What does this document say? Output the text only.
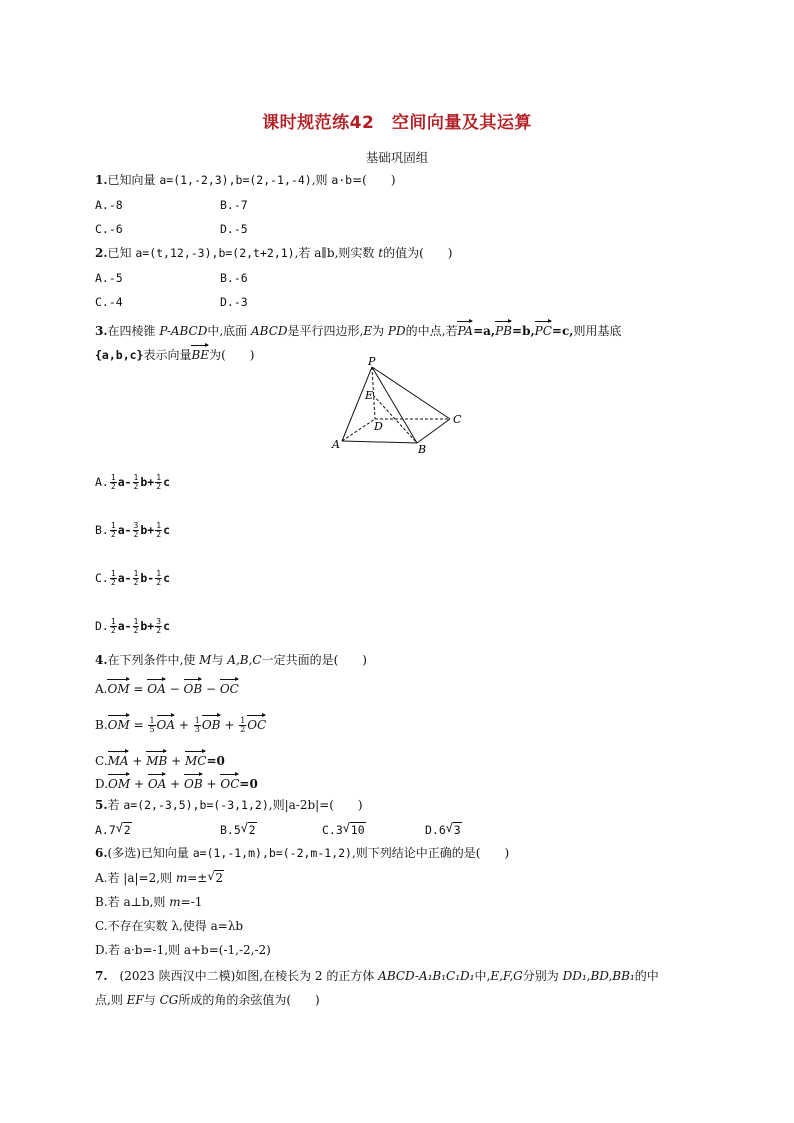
课时规范练42　空间向量及其运算
基础巩固组
1.已知向量 a=(1,-2,3),b=(2,-1,-4),则 a·b=(　　)
A.-8	B.-7
C.-6	D.-5
2.已知 a=(t,12,-3),b=(2,t+2,1),若 a∥b,则实数 t的值为(　　)
A.-5	B.-6
C.-4	D.-3
3.在四棱锥 P-ABCD中,底面 ABCD是平行四边形,E为 PD的中点,若PA=a,PB=b,PC=c,则用基底
{a,b,c}表示向量BE为(　　)	P
E
D
A	B
C
A. $\frac{1}{2} a- \frac{1}{2} b+ \frac{1}{2}$ c
B. $\frac{1}{2} a- \frac{3}{2} b+ \frac{1}{2}$ c
C. $\frac{1}{2} a- \frac{1}{2} b- \frac{1}{2}$ c
D. $\frac{1}{2} a- \frac{1}{2} b+ \frac{3}{2}$ c
4.在下列条件中,使 M与 A,B,C一定共面的是(　　)
A.OM = OA − OB − OC
$B.OM = \frac{1}{5}$ OA + $\frac{1}{3}$ OB + $\frac{1}{2}$ OC
C.MA + MB + MC=0
D.OM + OA + OB + OC=0
5.若 a=(2,-3,5),b=(-3,1,2),则|a-2b|=(　　)
A.7 √ 2	B.5 √ 2	C.3 √ 10	D.6 √ 3
6.(多选)已知向量 a=(1,-1,m),b=(-2,m-1,2),则下列结论中正确的是(　　)
A.若 |a|=2,则 m=± √ 2
B.若 a⊥b,则 m=-1
C.不存在实数 λ,使得 a=λb
D.若 a·b=-1,则 a+b=(-1,-2,-2)
7.　(2023 陕西汉中二模)如图,在棱长为 2 的正方体 ABCD-A₁B₁C₁D₁中,E,F,G分别为 DD₁,BD,BB₁的中
点,则 EF与 CG所成的角的余弦值为(　　)
